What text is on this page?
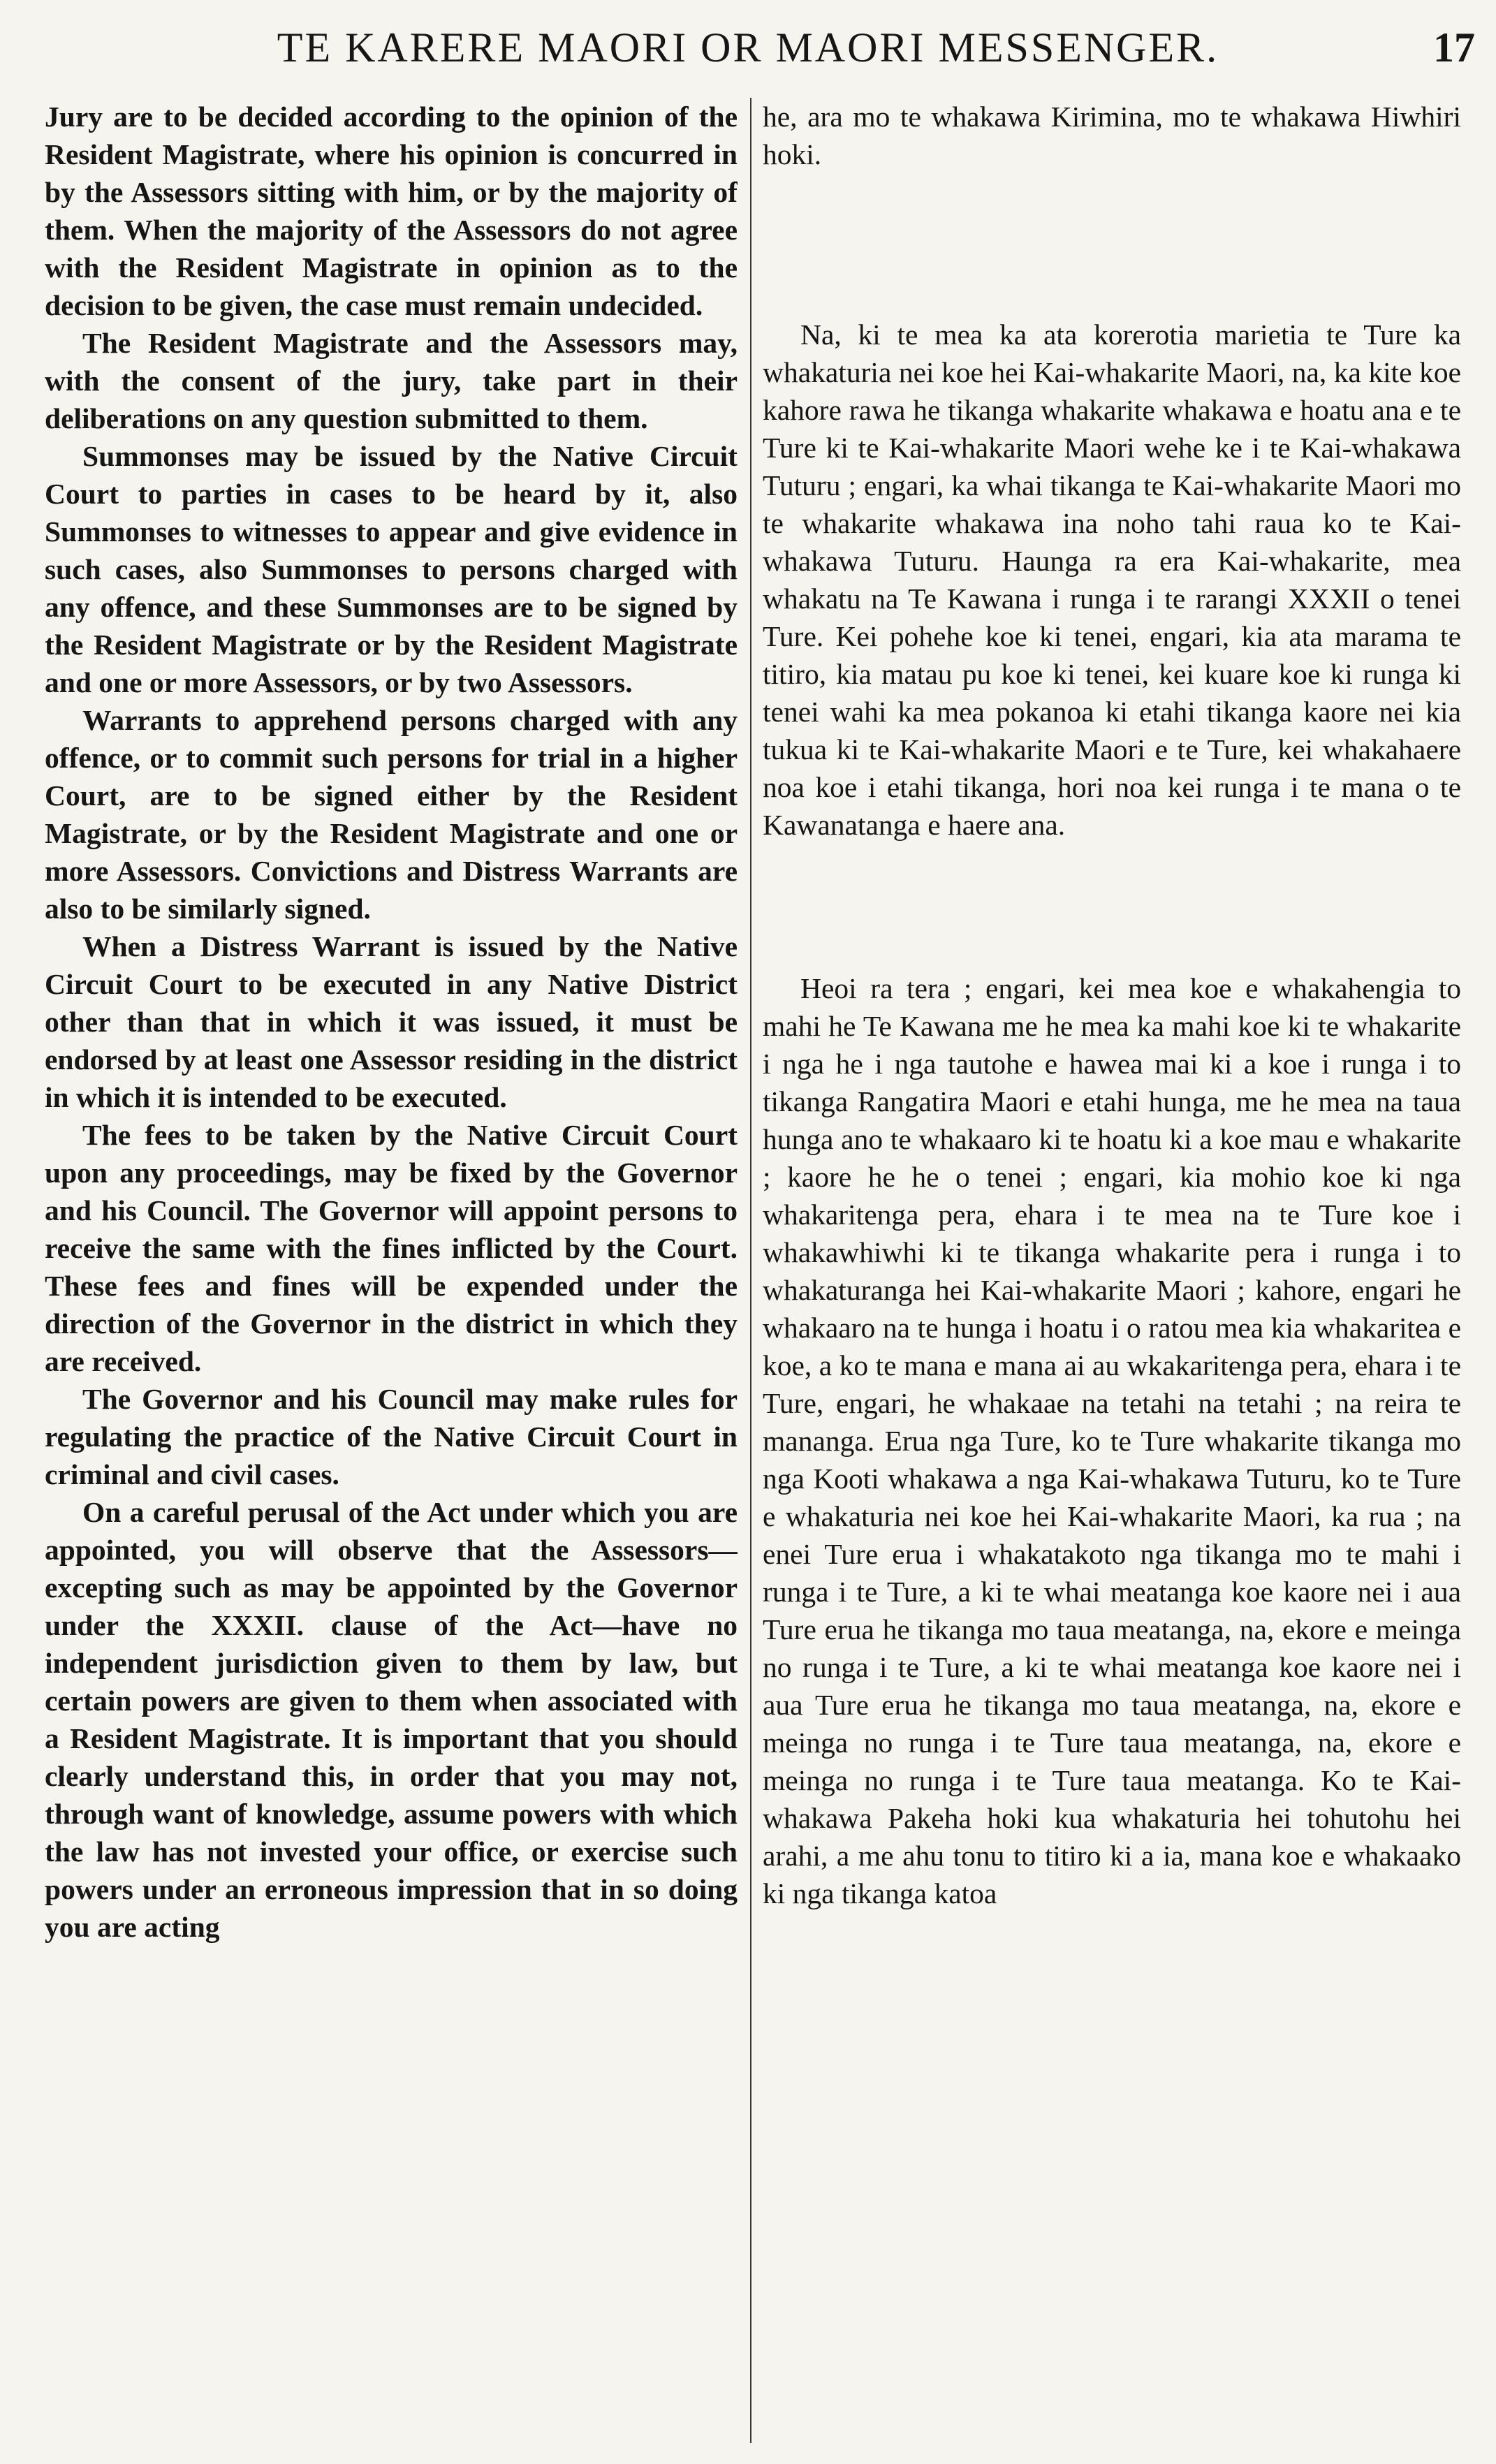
TE KARERE MAORI OR MAORI MESSENGER.	17

Jury are to be decided according to the opinion of the Resident Magistrate, where his opinion is concurred in by the Assessors sitting with him, or by the majority of them. When the majority of the Assessors do not agree with the Resident Magistrate in opinion as to the decision to be given, the case must remain undecided.

The Resident Magistrate and the Assessors may, with the consent of the jury, take part in their deliberations on any question submitted to them.

Summonses may be issued by the Native Circuit Court to parties in cases to be heard by it, also Summonses to witnesses to appear and give evidence in such cases, also Summonses to persons charged with any offence, and these Summonses are to be signed by the Resident Magistrate or by the Resident Magistrate and one or more Assessors, or by two Assessors.

Warrants to apprehend persons charged with any offence, or to commit such persons for trial in a higher Court, are to be signed either by the Resident Magistrate, or by the Resident Magistrate and one or more Assessors. Convictions and Distress Warrants are also to be similarly signed.

When a Distress Warrant is issued by the Native Circuit Court to be executed in any Native District other than that in which it was issued, it must be endorsed by at least one Assessor residing in the district in which it is intended to be executed.

The fees to be taken by the Native Circuit Court upon any proceedings, may be fixed by the Governor and his Council. The Governor will appoint persons to receive the same with the fines inflicted by the Court. These fees and fines will be expended under the direction of the Governor in the district in which they are received.

The Governor and his Council may make rules for regulating the practice of the Native Circuit Court in criminal and civil cases.

On a careful perusal of the Act under which you are appointed, you will observe that the Assessors—excepting such as may be appointed by the Governor under the XXXII. clause of the Act—have no independent jurisdiction given to them by law, but certain powers are given to them when associated with a Resident Magistrate. It is important that you should clearly understand this, in order that you may not, through want of knowledge, assume powers with which the law has not invested your office, or exercise such powers under an erroneous impression that in so doing you are acting

he, ara mo te whakawa Kirimina, mo te whakawa Hiwhiri hoki.

Na, ki te mea ka ata korerotia marietia te Ture ka whakaturia nei koe hei Kai-whakarite Maori, na, ka kite koe kahore rawa he tikanga whakarite whakawa e hoatu ana e te Ture ki te Kai-whakarite Maori wehe ke i te Kai-whakawa Tuturu ; engari, ka whai tikanga te Kai-whakarite Maori mo te whakarite whakawa ina noho tahi raua ko te Kai-whakawa Tuturu. Haunga ra era Kai-whakarite, mea whakatu na Te Kawana i runga i te rarangi XXXII o tenei Ture. Kei pohehe koe ki tenei, engari, kia ata marama te titiro, kia matau pu koe ki tenei, kei kuare koe ki runga ki tenei wahi ka mea pokanoa ki etahi tikanga kaore nei kia tukua ki te Kai-whakarite Maori e te Ture, kei whakahaere noa koe i etahi tikanga, hori noa kei runga i te mana o te Kawanatanga e haere ana.

Heoi ra tera ; engari, kei mea koe e whakahengia to mahi he Te Kawana me he mea ka mahi koe ki te whakarite i nga he i nga tautohe e hawea mai ki a koe i runga i to tikanga Rangatira Maori e etahi hunga, me he mea na taua hunga ano te whakaaro ki te hoatu ki a koe mau e whakarite ; kaore he he o tenei ; engari, kia mohio koe ki nga whakaritenga pera, ehara i te mea na te Ture koe i whakawhiwhi ki te tikanga whakarite pera i runga i to whakaturanga hei Kai-whakarite Maori ; kahore, engari he whakaaro na te hunga i hoatu i o ratou mea kia whakaritea e koe, a ko te mana e mana ai au wkakaritenga pera, ehara i te Ture, engari, he whakaae na tetahi na tetahi ; na reira te mananga. Erua nga Ture, ko te Ture whakarite tikanga mo nga Kooti whakawa a nga Kai-whakawa Tuturu, ko te Ture e whakaturia nei koe hei Kai-whakarite Maori, ka rua ; na enei Ture erua i whakatakoto nga tikanga mo te mahi i runga i te Ture, a ki te whai meatanga koe kaore nei i aua Ture erua he tikanga mo taua meatanga, na, ekore e meinga no runga i te Ture, a ki te whai meatanga koe kaore nei i aua Ture erua he tikanga mo taua meatanga, na, ekore e meinga no runga i te Ture taua meatanga, na, ekore e meinga no runga i te Ture taua meatanga. Ko te Kai-whakawa Pakeha hoki kua whakaturia hei tohutohu hei arahi, a me ahu tonu to titiro ki a ia, mana koe e whakaako ki nga tikanga katoa
